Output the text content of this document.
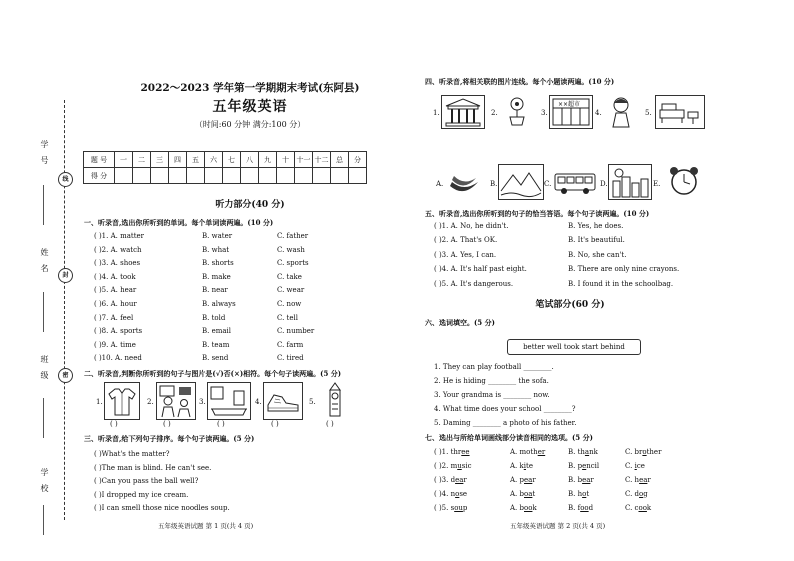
线
封
密
学号
姓名
班级
学校
2022～2023 学年第一学期期末考试(东阿县)
五年级英语
（时间:60 分钟 满分:100 分）
题 号	一	二	三	四	五	六	七	八	九	十	十一	十二	总	分
得 分														
听力部分(40 分)
一、听录音,选出你所听到的单词。每个单词读两遍。(10 分)
( )1. A. matter	B. water	C. father
( )2. A. watch	B. what	C. wash
( )3. A. shoes	B. shorts	C. sports
( )4. A. took	B. make	C. take
( )5. A. hear	B. near	C. wear
( )6. A. hour	B. always	C. now
( )7. A. feel	B. told	C. tell
( )8. A. sports	B. email	C. number
( )9. A. time	B. team	C. farm
( )10. A. need	B. send	C. tired
二、听录音,判断你所听到的句子与图片是(√)否(×)相符。每个句子读两遍。(5 分)
1.	2.	3.	4.	5.
( )	( )	( )	( )	( )
三、听录音,给下列句子排序。每个句子读两遍。(5 分)
( )What's the matter?
( )The man is blind. He can't see.
( )Can you pass the ball well?
( )I dropped my ice cream.
( )I can smell those nice noodles soup.
五年级英语试题 第 1 页(共 4 页)
四、听录音,将相关联的图片连线。每个小题读两遍。(10 分)
1.	2.	3.
××超市
4.	5.
A.	B.	C.	D.	E.
五、听录音,选出你所听到的句子的恰当答语。每个句子读两遍。(10 分)
( )1. A. No, he didn't.	B. Yes, he does.
( )2. A. That's OK.	B. It's beautiful.
( )3. A. Yes, I can.	B. No, she can't.
( )4. A. It's half past eight.	B. There are only nine crayons.
( )5. A. It's dangerous.	B. I found it in the schoolbag.
笔试部分(60 分)
六、选词填空。(5 分)
better well took start behind
1. They can play football ________.
2. He is hiding ________ the sofa.
3. Your grandma is ________ now.
4. What time does your school ________?
5. Daming ________ a photo of his father.
七、选出与所给单词画线部分读音相同的选项。(5 分)
( )1. three	A. mother	B. thank	C. brother
( )2. music	A. kite	B. pencil	C. ice
( )3. dear	A. pear	B. bear	C. hear
( )4. nose	A. boat	B. hot	C. dog
( )5. soup	A. book	B. food	C. cook
五年级英语试题 第 2 页(共 4 页)
